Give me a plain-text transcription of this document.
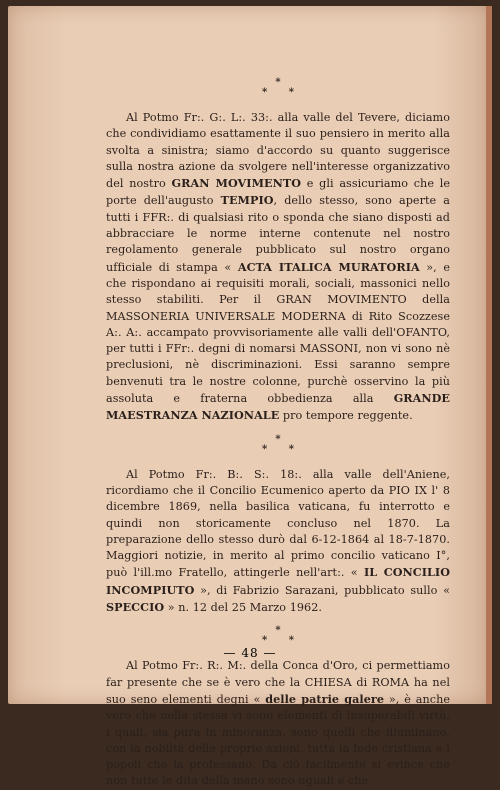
*
* *

Al Potmo Fr:. G:. L:. 33:. alla valle del Tevere, diciamo che condividiamo esattamente il suo pensiero in merito alla svolta a sinistra; siamo d'accordo su quanto suggerisce sulla nostra azione da svolgere nell'interesse organizzativo del nostro GRAN MOVIMENTO e gli assicuriamo che le porte dell'augusto TEMPIO, dello stesso, sono aperte a tutti i FFR:. di qualsiasi rito o sponda che siano disposti ad abbracciare le norme interne contenute nel nostro regolamento generale pubblicato sul nostro organo ufficiale di stampa « ACTA ITALICA MURATORIA », e che rispondano ai requisiti morali, sociali, massonici nello stesso stabiliti. Per il GRAN MOVIMENTO della MASSONERIA UNIVERSALE MODERNA di Rito Scozzese A:. A:. accampato provvisoriamente alle valli dell'OFANTO, per tutti i FFr:. degni di nomarsi MASSONI, non vi sono nè preclusioni, nè discriminazioni. Essi saranno sempre benvenuti tra le nostre colonne, purchè osservino la più assoluta e fraterna obbedienza alla GRANDE MAESTRANZA NAZIONALE pro tempore reggente.

*
* *

Al Potmo Fr:. B:. S:. 18:. alla valle dell'Aniene, ricordiamo che il Concilio Ecumenico aperto da PIO IX l' 8 dicembre 1869, nella basilica vaticana, fu interrotto e quindi non storicamente concluso nel 1870. La preparazione dello stesso durò dal 6-12-1864 al 18-7-1870. Maggiori notizie, in merito al primo concilio vaticano I°, può l'ill.mo Fratello, attingerle nell'art:. « IL CONCILIO INCOMPIUTO », di Fabrizio Sarazani, pubblicato sullo « SPECCIO » n. 12 del 25 Marzo 1962.

*
* *

Al Potmo Fr:. R:. M:. della Conca d'Oro, ci permettiamo far presente che se è vero che la CHIESA di ROMA ha nel suo seno elementi degni « delle patrie galere », è anche vero che nella stessa vi sono elementi di insuperabili virtù, i quali, sia pura in minoranza, sono quelli che illuminano, con la nobiltà delle proprie azioni, tutta la fede cristiana e i popoli che la professano. Da ciò facilmente si evince che non tutte le dita della mano sono uguali e che

— 48 —
